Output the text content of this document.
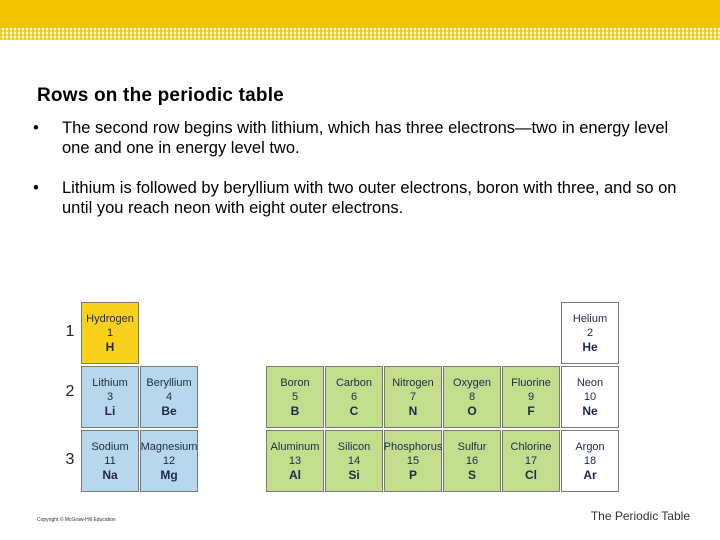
Rows on the periodic table
• The second row begins with lithium, which has three electrons—two in energy level one and one in energy level two.
• Lithium is followed by beryllium with two outer electrons, boron with three, and so on until you reach neon with eight outer electrons.
1
2
3
Hydrogen
1
H
Helium
2
He
Lithium
3
Li
Beryllium
4
Be
Boron
5
B
Carbon
6
C
Nitrogen
7
N
Oxygen
8
O
Fluorine
9
F
Neon
10
Ne
Sodium
11
Na
Magnesium
12
Mg
Aluminum
13
Al
Silicon
14
Si
Phosphorus
15
P
Sulfur
16
S
Chlorine
17
Cl
Argon
18
Ar
Copyright © McGraw-Hill Education	The Periodic Table
